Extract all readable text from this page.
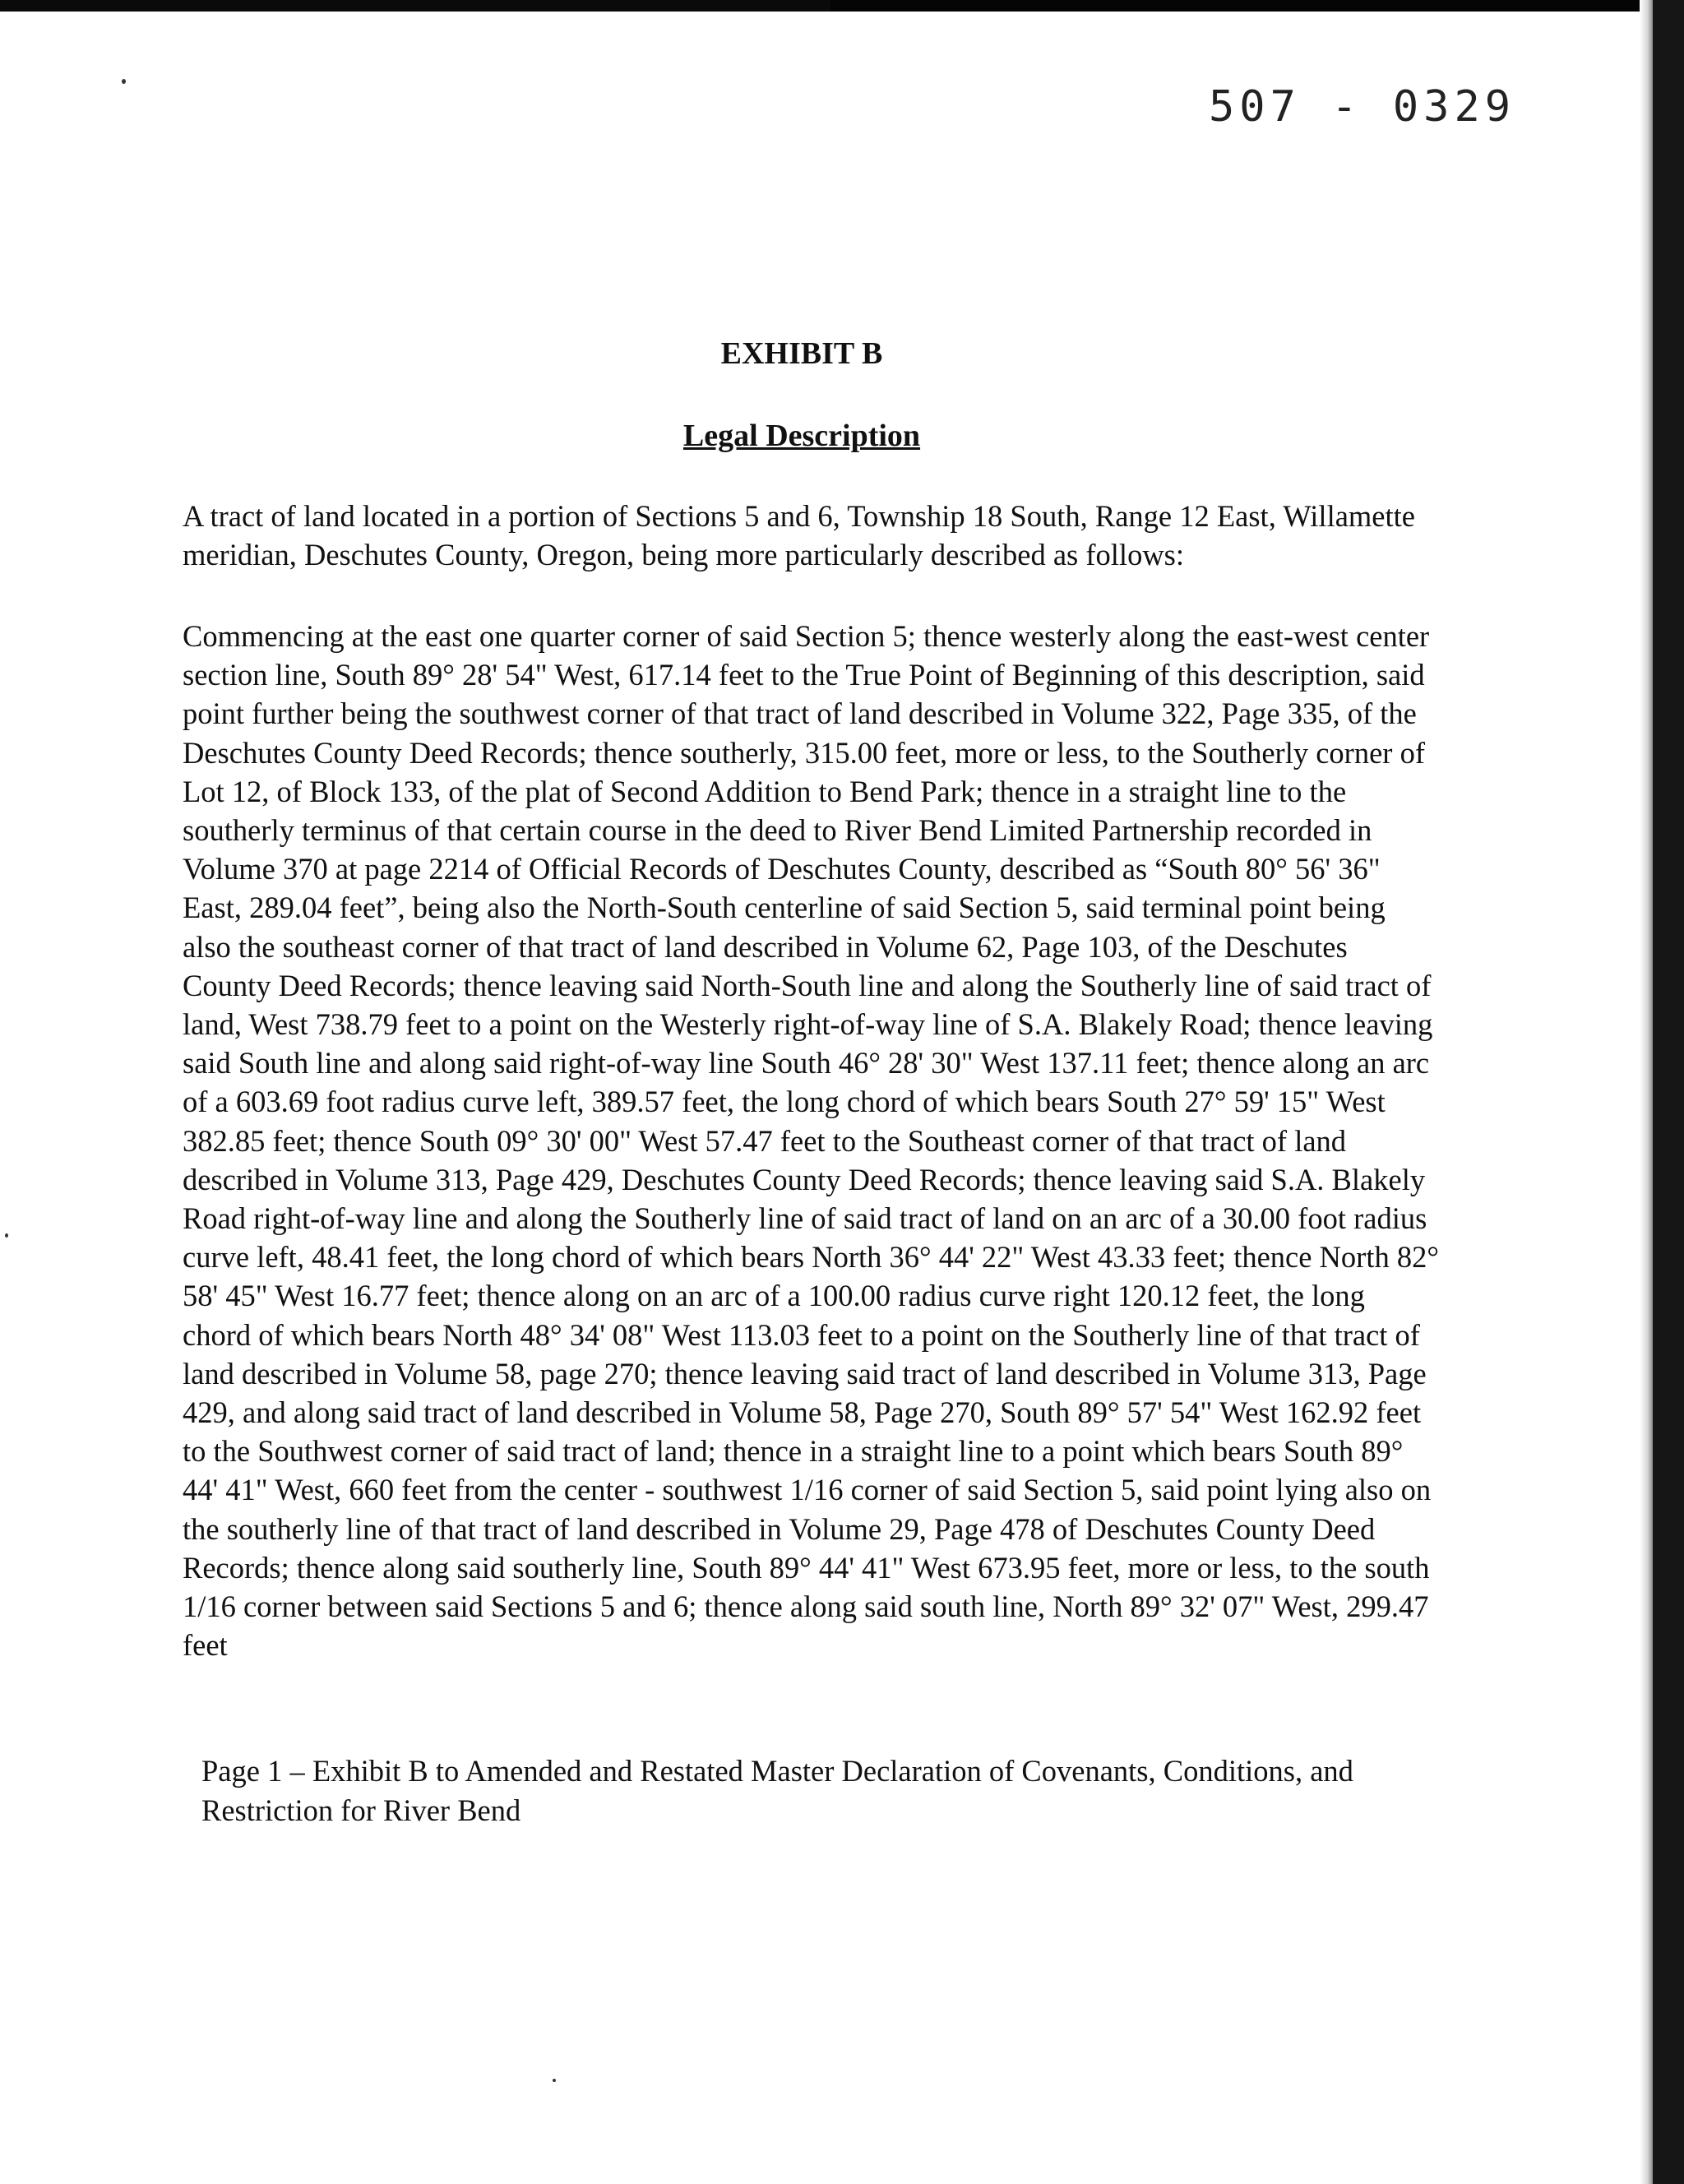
507 - 0329
EXHIBIT B
Legal Description
A tract of land located in a portion of Sections 5 and 6, Township 18 South, Range 12 East, Willamette meridian, Deschutes County, Oregon, being more particularly described as follows:
Commencing at the east one quarter corner of said Section 5; thence westerly along the east-west center section line, South 89° 28' 54" West, 617.14 feet to the True Point of Beginning of this description, said point further being the southwest corner of that tract of land described in Volume 322, Page 335, of the Deschutes County Deed Records; thence southerly, 315.00 feet, more or less, to the Southerly corner of Lot 12, of Block 133, of the plat of Second Addition to Bend Park; thence in a straight line to the southerly terminus of that certain course in the deed to River Bend Limited Partnership recorded in Volume 370 at page 2214 of Official Records of Deschutes County, described as “South 80° 56' 36" East, 289.04 feet”, being also the North-South centerline of said Section 5, said terminal point being also the southeast corner of that tract of land described in Volume 62, Page 103, of the Deschutes County Deed Records; thence leaving said North-South line and along the Southerly line of said tract of land, West 738.79 feet to a point on the Westerly right-of-way line of S.A. Blakely Road; thence leaving said South line and along said right-of-way line South 46° 28' 30" West 137.11 feet; thence along an arc of a 603.69 foot radius curve left, 389.57 feet, the long chord of which bears South 27° 59' 15" West 382.85 feet; thence South 09° 30' 00" West 57.47 feet to the Southeast corner of that tract of land described in Volume 313, Page 429, Deschutes County Deed Records; thence leaving said S.A. Blakely Road right-of-way line and along the Southerly line of said tract of land on an arc of a 30.00 foot radius curve left, 48.41 feet, the long chord of which bears North 36° 44' 22" West 43.33 feet; thence North 82° 58' 45" West 16.77 feet; thence along on an arc of a 100.00 radius curve right 120.12 feet, the long chord of which bears North 48° 34' 08" West 113.03 feet to a point on the Southerly line of that tract of land described in Volume 58, page 270; thence leaving said tract of land described in Volume 313, Page 429, and along said tract of land described in Volume 58, Page 270, South 89° 57' 54" West 162.92 feet to the Southwest corner of said tract of land; thence in a straight line to a point which bears South 89° 44' 41" West, 660 feet from the center - southwest 1/16 corner of said Section 5, said point lying also on the southerly line of that tract of land described in Volume 29, Page 478 of Deschutes County Deed Records; thence along said southerly line, South 89° 44' 41" West 673.95 feet, more or less, to the south 1/16 corner between said Sections 5 and 6; thence along said south line, North 89° 32' 07" West, 299.47 feet
Page 1 – Exhibit B to Amended and Restated Master Declaration of Covenants, Conditions, and Restriction for River Bend
